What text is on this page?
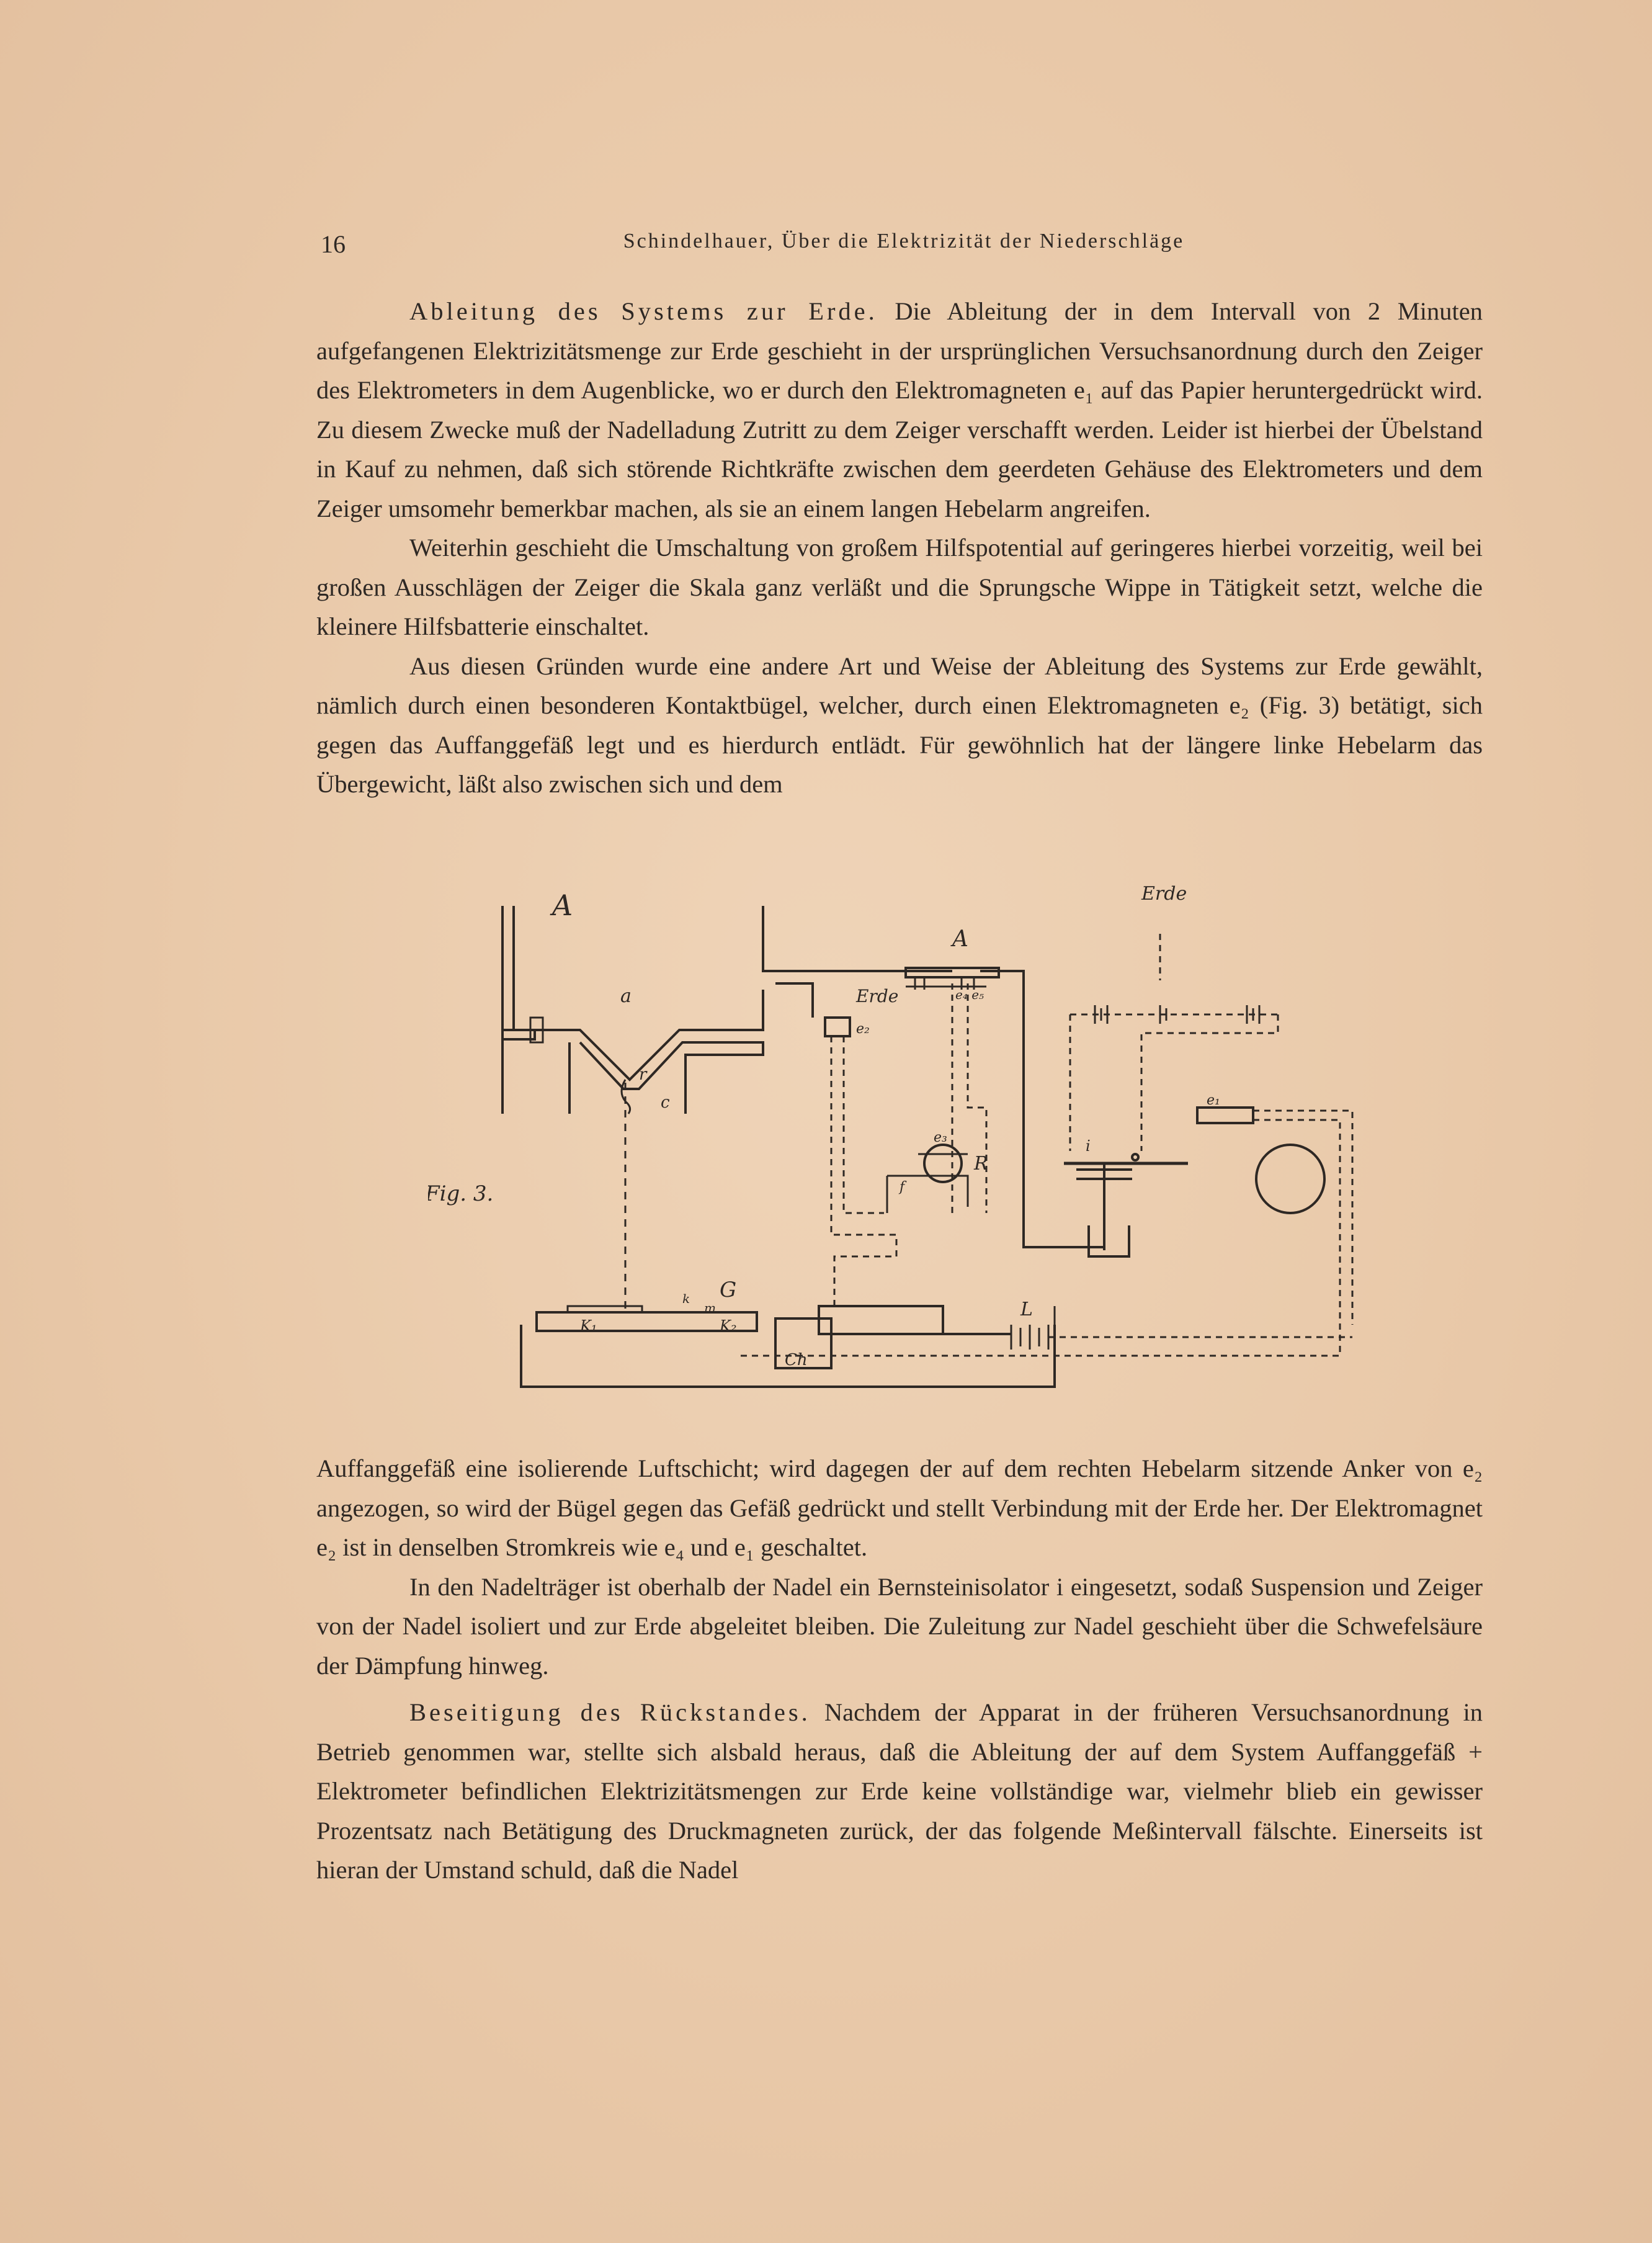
16	Schindelhauer, Über die Elektrizität der Niederschläge

Ableitung des Systems zur Erde. Die Ableitung der in dem Intervall von 2 Minuten aufgefangenen Elektrizitätsmenge zur Erde geschieht in der ursprünglichen Versuchsanordnung durch den Zeiger des Elektrometers in dem Augenblicke, wo er durch den Elektromagneten e₁ auf das Papier heruntergedrückt wird. Zu diesem Zwecke muß der Nadelladung Zutritt zu dem Zeiger verschafft werden. Leider ist hierbei der Übelstand in Kauf zu nehmen, daß sich störende Richtkräfte zwischen dem geerdeten Gehäuse des Elektrometers und dem Zeiger umsomehr bemerkbar machen, als sie an einem langen Hebelarm angreifen.

Weiterhin geschieht die Umschaltung von großem Hilfspotential auf geringeres hierbei vorzeitig, weil bei großen Ausschlägen der Zeiger die Skala ganz verläßt und die Sprungsche Wippe in Tätigkeit setzt, welche die kleinere Hilfsbatterie einschaltet.

Aus diesen Gründen wurde eine andere Art und Weise der Ableitung des Systems zur Erde gewählt, nämlich durch einen besonderen Kontaktbügel, welcher, durch einen Elektromagneten e₂ (Fig. 3) betätigt, sich gegen das Auffanggefäß legt und es hierdurch entlädt. Für gewöhnlich hat der längere linke Hebelarm das Übergewicht, läßt also zwischen sich und dem

A
a
r
c
Erde
Erde
A
e₂
e₄ e₅
R
f
e₃	i
e₁
G
k
m
K₁	K₂
Ch
L
Fig. 3.

Auffanggefäß eine isolierende Luftschicht; wird dagegen der auf dem rechten Hebelarm sitzende Anker von e₂ angezogen, so wird der Bügel gegen das Gefäß gedrückt und stellt Verbindung mit der Erde her. Der Elektromagnet e₂ ist in denselben Stromkreis wie e₄ und e₁ geschaltet.

In den Nadelträger ist oberhalb der Nadel ein Bernsteinisolator i eingesetzt, sodaß Suspension und Zeiger von der Nadel isoliert und zur Erde abgeleitet bleiben. Die Zuleitung zur Nadel geschieht über die Schwefelsäure der Dämpfung hinweg.

Beseitigung des Rückstandes. Nachdem der Apparat in der früheren Versuchsanordnung in Betrieb genommen war, stellte sich alsbald heraus, daß die Ableitung der auf dem System Auffanggefäß + Elektrometer befindlichen Elektrizitätsmengen zur Erde keine vollständige war, vielmehr blieb ein gewisser Prozentsatz nach Betätigung des Druckmagneten zurück, der das folgende Meßintervall fälschte. Einerseits ist hieran der Umstand schuld, daß die Nadel
